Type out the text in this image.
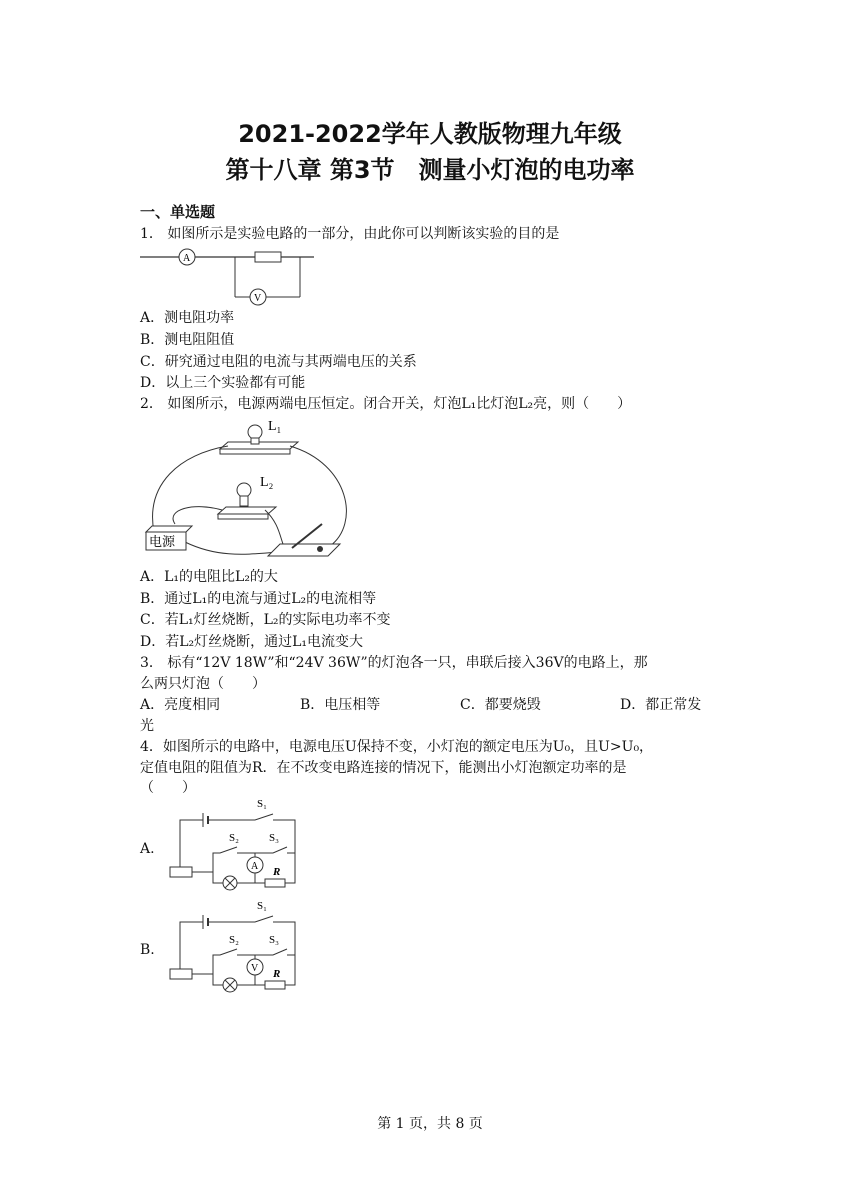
2021-2022学年人教版物理九年级
第十八章 第3节　测量小灯泡的电功率
一、单选题
1． 如图所示是实验电路的一部分，由此你可以判断该实验的目的是
A
V
A．测电阻功率
B．测电阻阻值
C．研究通过电阻的电流与其两端电压的关系
D．以上三个实验都有可能
2． 如图所示，电源两端电压恒定。闭合开关，灯泡L₁比灯泡L₂亮，则（　　）
L₁
L₂
电源
A．L₁的电阻比L₂的大
B．通过L₁的电流与通过L₂的电流相等
C．若L₁灯丝烧断，L₂的实际电功率不变
D．若L₂灯丝烧断，通过L₁电流变大
3． 标有“12V 18W”和“24V 36W”的灯泡各一只，串联后接入36V的电路上，那
么两只灯泡（　　）
A．亮度相同	B．电压相等	C．都要烧毁	D．都正常发
光
4．如图所示的电路中，电源电压U保持不变，小灯泡的额定电压为U₀，且U>U₀，
定值电阻的阻值为R．在不改变电路连接的情况下，能测出小灯泡额定功率的是
（　　）
A.
S₁
S₂	S₃
A R
B.
S₁
S₂	S₃
V R
第 1 页，共 8 页
